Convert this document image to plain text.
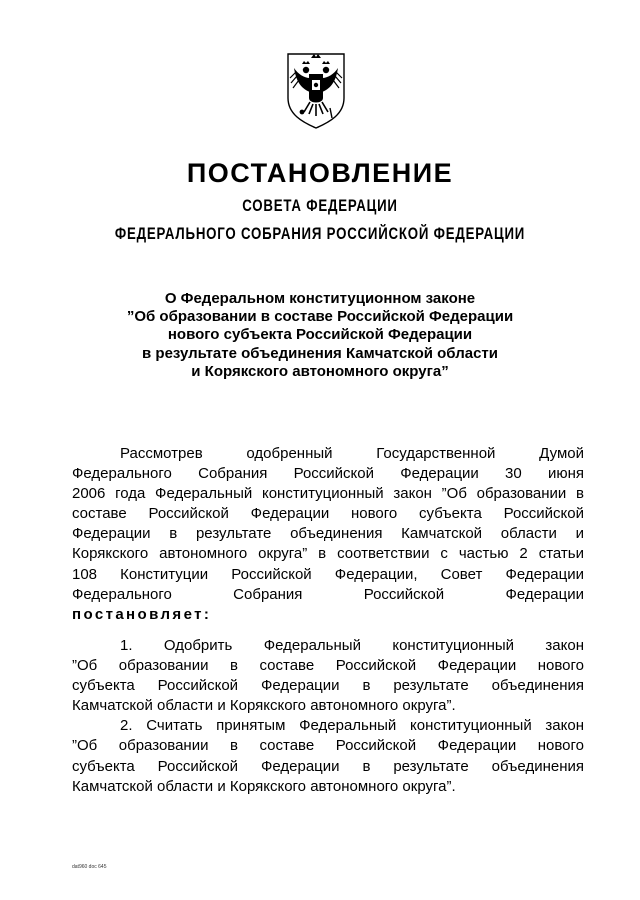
ПОСТАНОВЛЕНИЕ
СОВЕТА ФЕДЕРАЦИИ
ФЕДЕРАЛЬНОГО СОБРАНИЯ РОССИЙСКОЙ ФЕДЕРАЦИИ
О Федеральном конституционном законе
”Об образовании в составе Российской Федерации
нового субъекта Российской Федерации
в результате объединения Камчатской области
и Корякского автономного округа”
Рассмотрев одобренный Государственной Думой
Федерального Собрания Российской Федерации 30 июня
2006 года Федеральный конституционный закон ”Об образовании в
составе Российской Федерации нового субъекта Российской
Федерации в результате объединения Камчатской области и
Корякского автономного округа” в соответствии с частью 2 статьи
108 Конституции Российской Федерации, Совет Федерации
Федерального Собрания Российской Федерации
постановляет:
1. Одобрить Федеральный конституционный закон
”Об образовании в составе Российской Федерации нового
субъекта Российской Федерации в результате объединения
Камчатской области и Корякского автономного округа”.
2. Считать принятым Федеральный конституционный закон
”Об образовании в составе Российской Федерации нового
субъекта Российской Федерации в результате объединения
Камчатской области и Корякского автономного округа”.
dat960 doc 645
